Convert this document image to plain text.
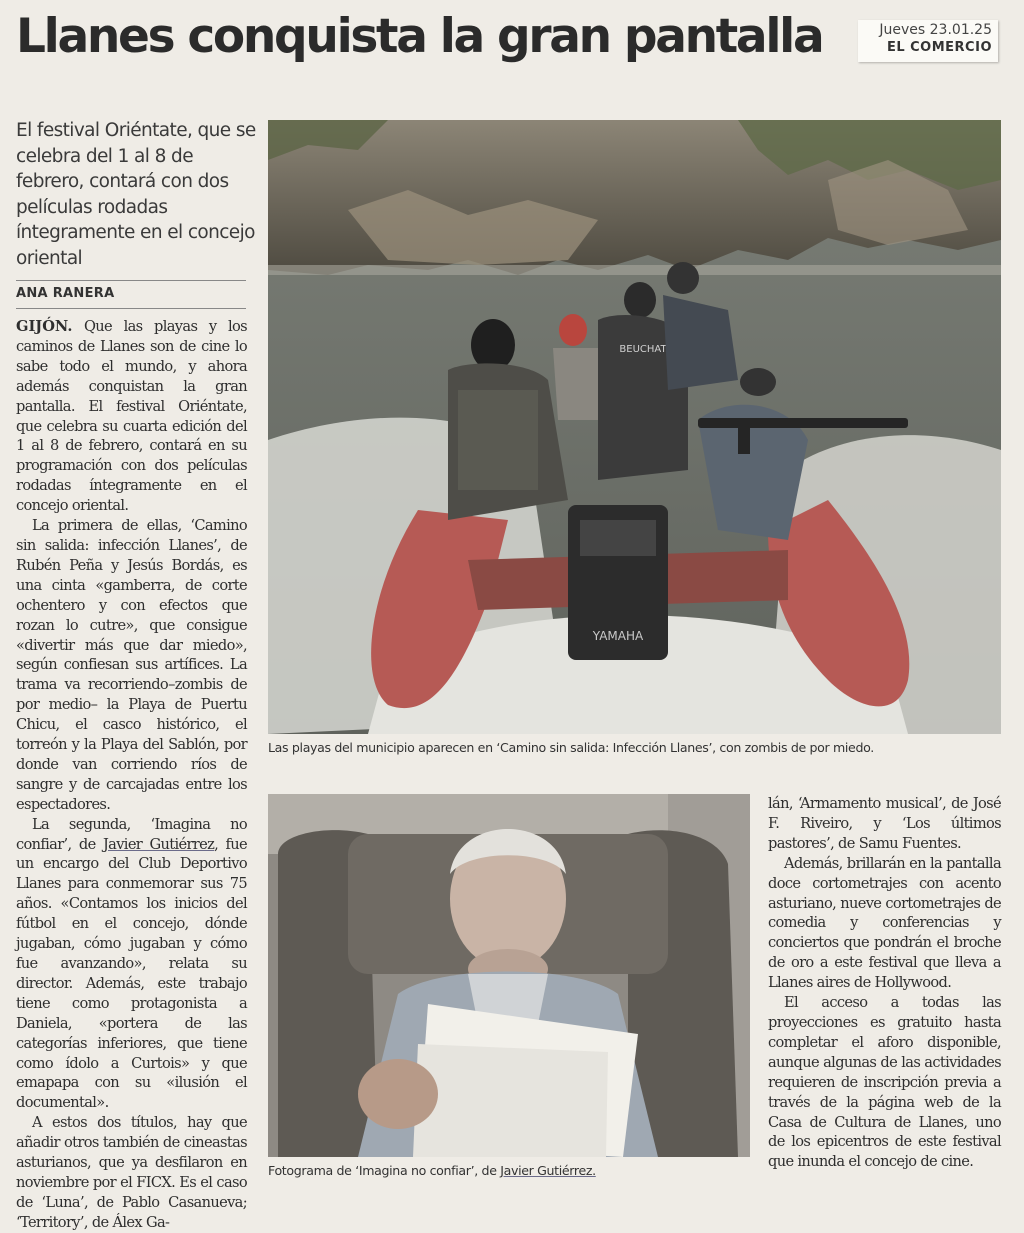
Llanes conquista la gran pantalla	Jueves 23.01.25
EL COMERCIO
El festival Oriéntate, que se celebra del 1 al 8 de febrero, contará con dos películas rodadas íntegramente en el concejo oriental
ANA RANERA

GIJÓN. Que las playas y los caminos de Llanes son de cine lo sabe todo el mundo, y ahora además conquistan la gran pantalla. El festival Oriéntate, que celebra su cuarta edición del 1 al 8 de febrero, contará en su programación con dos películas rodadas íntegramente en el concejo oriental.

La primera de ellas, ‘Camino sin salida: infección Llanes’, de Rubén Peña y Jesús Bordás, es una cinta «gamberra, de corte ochentero y con efectos que rozan lo cutre», que consigue «divertir más que dar miedo», según confiesan sus artífices. La trama va recorriendo–zombis de por medio– la Playa de Puertu Chicu, el casco histórico, el torreón y la Playa del Sablón, por donde van corriendo ríos de sangre y de carcajadas entre los espectadores.

La segunda, ‘Imagina no confiar’, de Javier Gutiérrez, fue un encargo del Club Deportivo Llanes para conmemorar sus 75 años. «Contamos los inicios del fútbol en el concejo, dónde jugaban, cómo jugaban y cómo fue avanzando», relata su director. Además, este trabajo tiene como protagonista a Daniela, «portera de las categorías inferiores, que tiene como ídolo a Curtois» y que emapapa con su «ilusión el documental».

A estos dos títulos, hay que añadir otros también de cineastas asturianos, que ya desfilaron en noviembre por el FICX. Es el caso de ‘Luna’, de Pablo Casanueva; ‘Territory’, de Álex Ga-

lán, ‘Armamento musical’, de José F. Riveiro, y ‘Los últimos pastores’, de Samu Fuentes.

Además, brillarán en la pantalla doce cortometrajes con acento asturiano, nueve cortometrajes de comedia y conferencias y conciertos que pondrán el broche de oro a este festival que lleva a Llanes aires de Hollywood.

El acceso a todas las proyecciones es gratuito hasta completar el aforo disponible, aunque algunas de las actividades requieren de inscripción previa a través de la página web de la Casa de Cultura de Llanes, uno de los epicentros de este festival que inunda el concejo de cine.

YAMAHA
BEUCHAT
Las playas del municipio aparecen en ‘Camino sin salida: Infección Llanes’, con zombis de por miedo.
Fotograma de ‘Imagina no confiar’, de Javier Gutiérrez.
